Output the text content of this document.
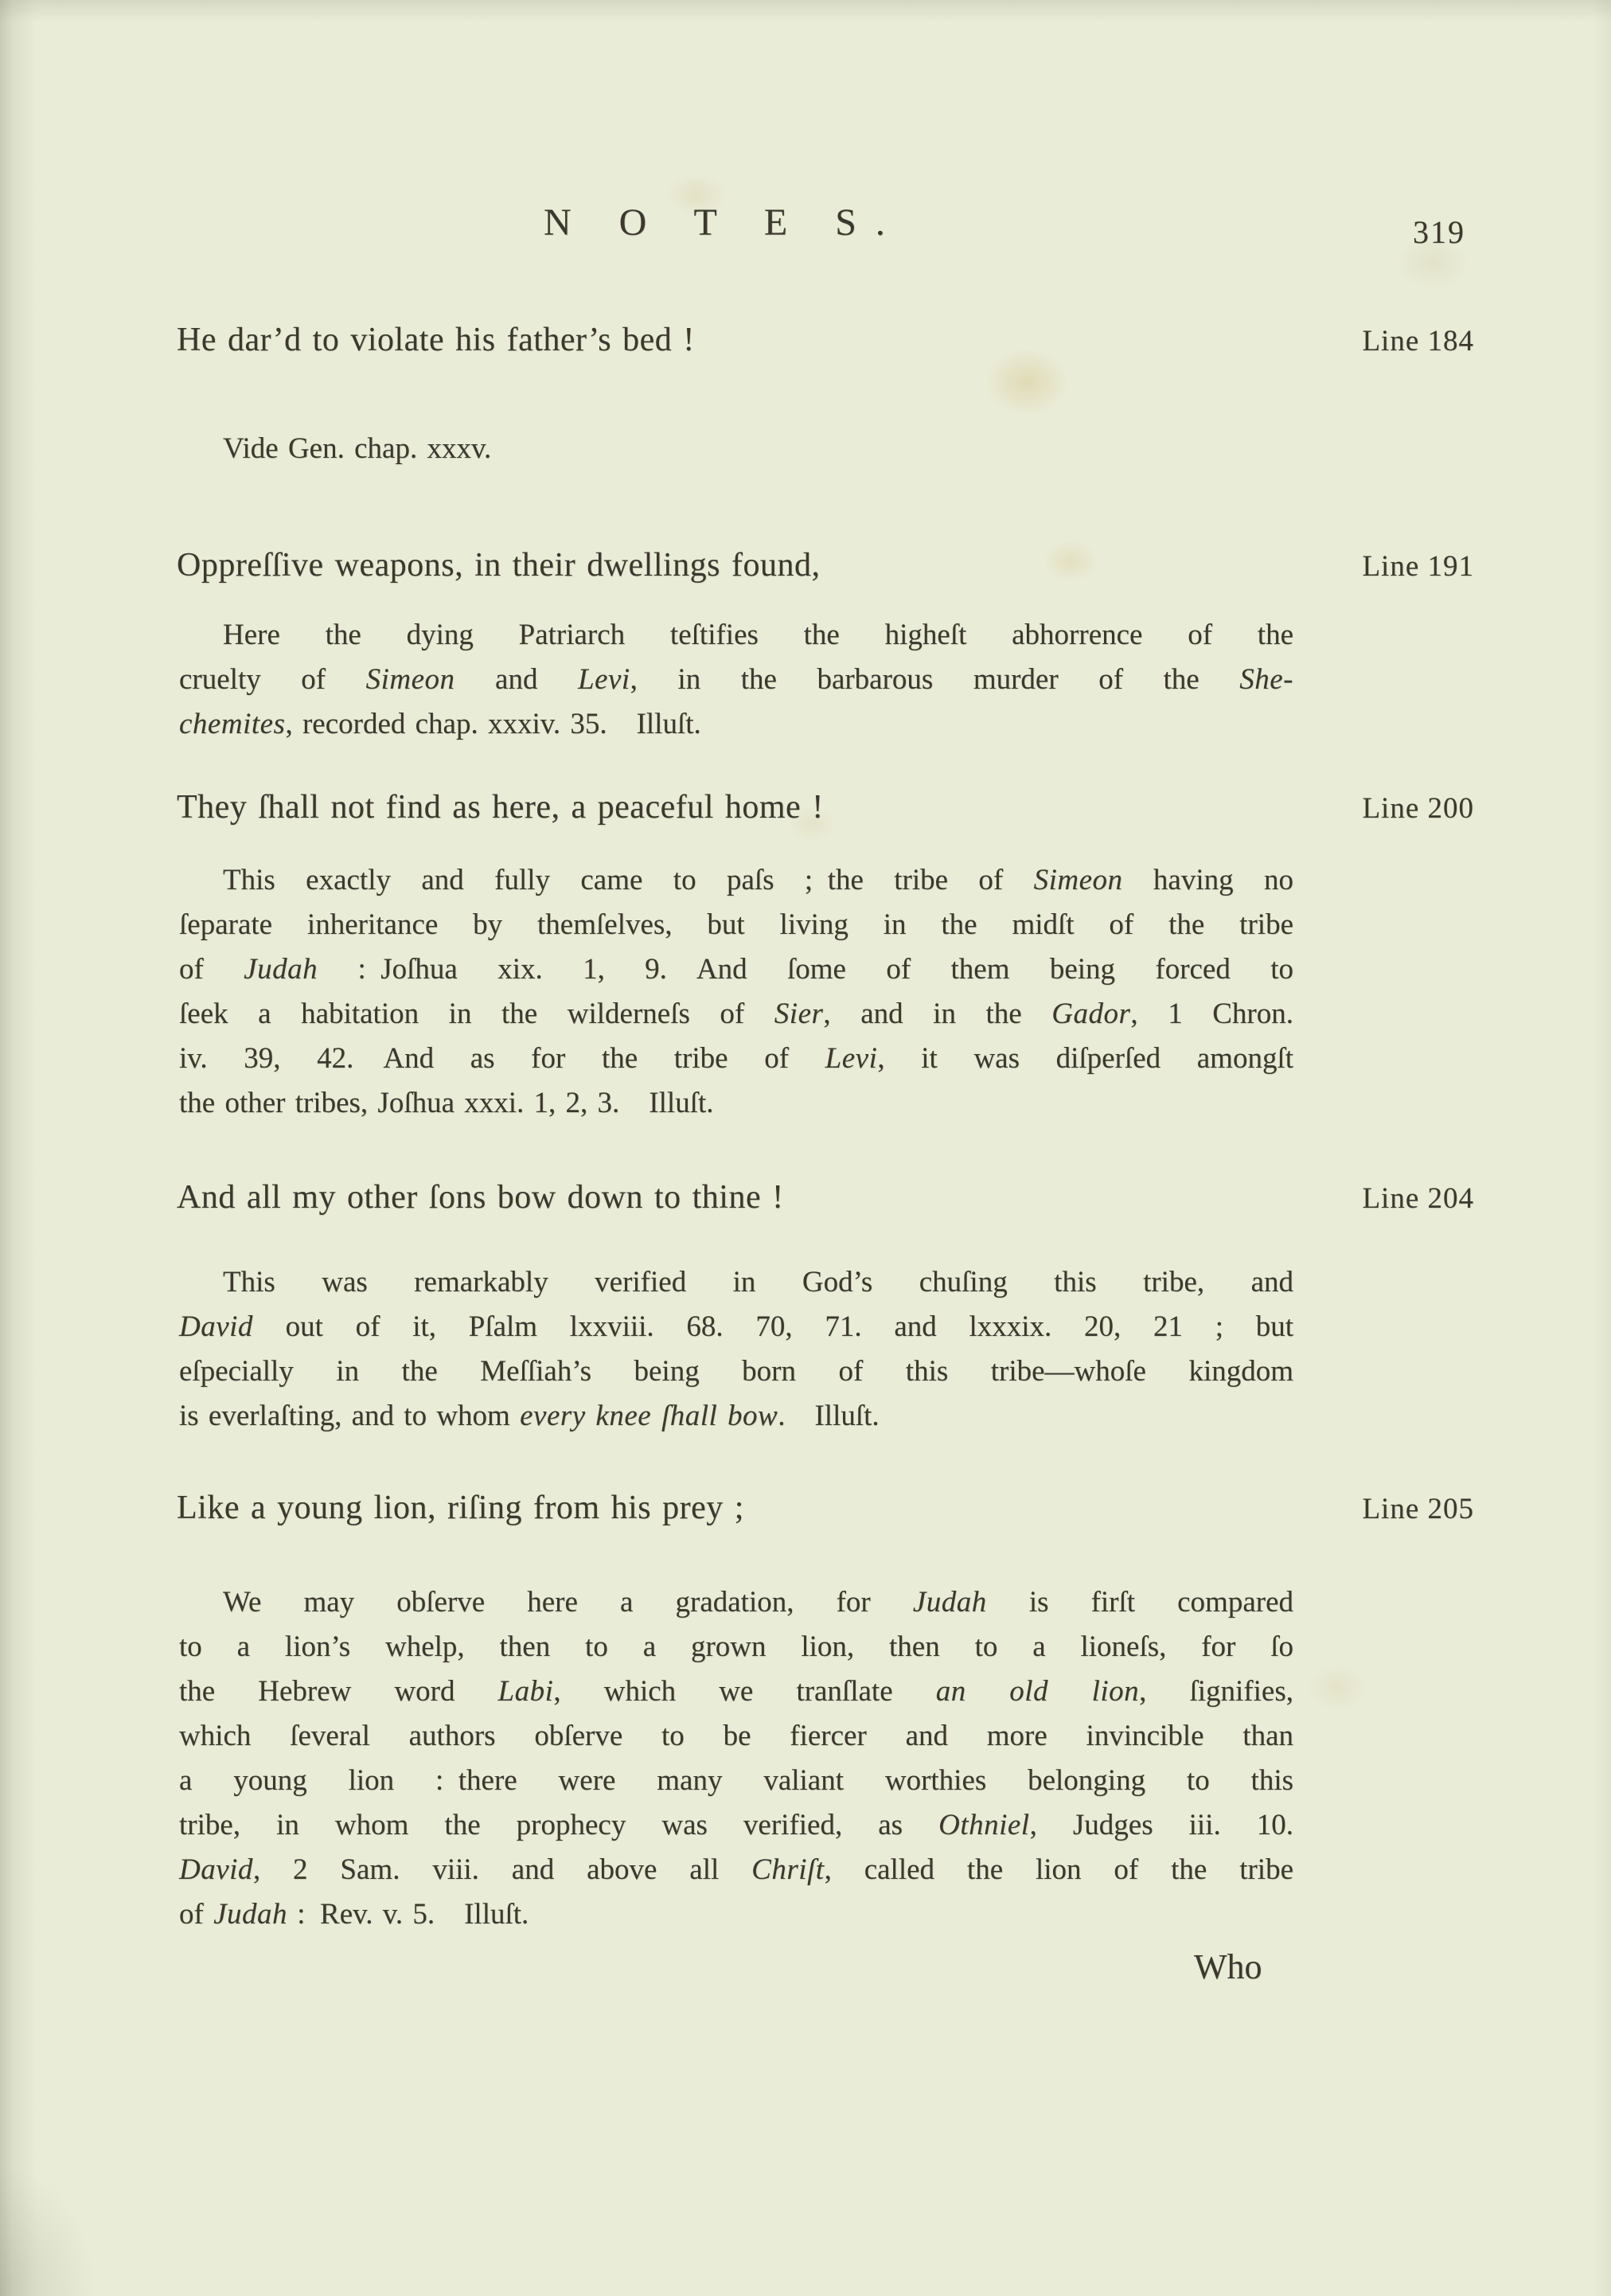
N O T E S.	319
He dar’d to violate his father’s bed !	Line 184
Vide Gen. chap. xxxv.
Oppreſſive weapons, in their dwellings found,	Line 191
Here the dying Patriarch teſtifies the higheſt abhorrence of the
cruelty of Simeon and Levi, in the barbarous murder of the She-
chemites, recorded chap. xxxiv. 35.  Illuſt.
They ſhall not find as here, a peaceful home !	Line 200
This exactly and fully came to paſs ; the tribe of Simeon having no
ſeparate inheritance by themſelves, but living in the midſt of the tribe
of Judah : Joſhua xix. 1, 9.  And ſome of them being forced to
ſeek a habitation in the wilderneſs of Sier, and in the Gador, 1 Chron.
iv. 39, 42.  And as for the tribe of Levi, it was diſperſed amongſt
the other tribes, Joſhua xxxi. 1, 2, 3.  Illuſt.
And all my other ſons bow down to thine !	Line 204
This was remarkably verified in God’s chuſing this tribe, and
David out of it, Pſalm lxxviii. 68. 70, 71. and lxxxix. 20, 21 ; but
eſpecially in the Meſſiah’s being born of this tribe—whoſe kingdom
is everlaſting, and to whom every knee ſhall bow.  Illuſt.
Like a young lion, riſing from his prey ;	Line 205
We may obſerve here a gradation, for Judah is firſt compared
to a lion’s whelp, then to a grown lion, then to a lioneſs, for ſo
the Hebrew word Labi, which we tranſlate an old lion, ſignifies,
which ſeveral authors obſerve to be fiercer and more invincible than
a young lion : there were many valiant worthies belonging to this
tribe, in whom the prophecy was verified, as Othniel, Judges iii. 10.
David, 2 Sam. viii. and above all Chriſt, called the lion of the tribe
of Judah : Rev. v. 5.  Illuſt.
Who
